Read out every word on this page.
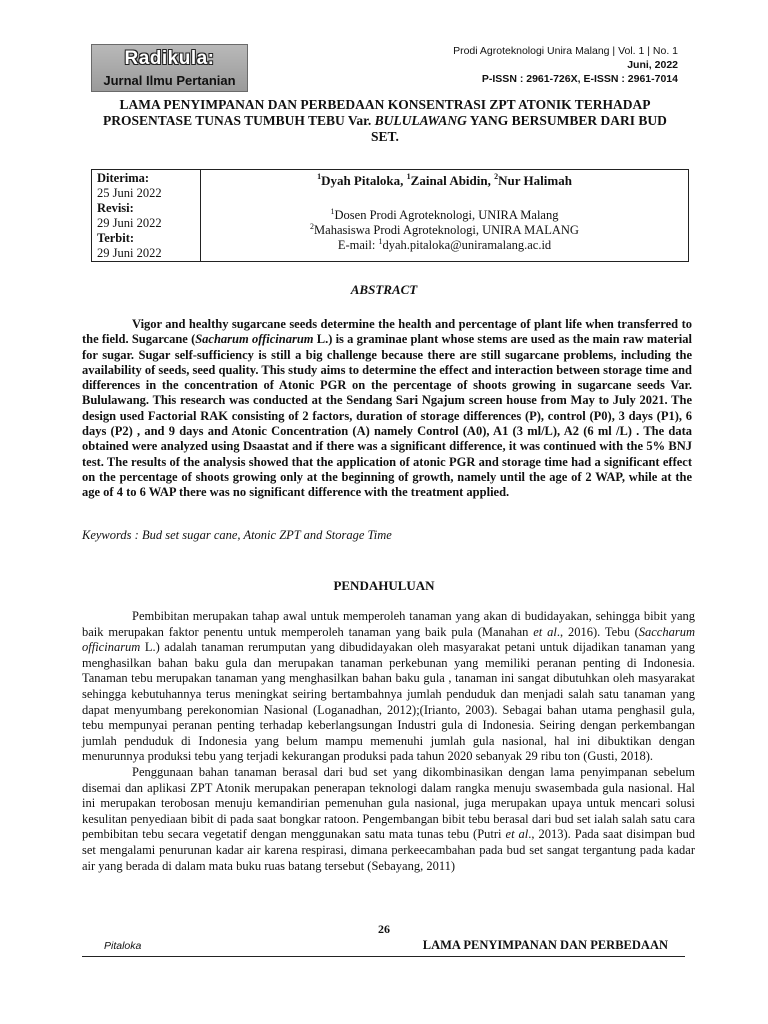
Radikula:
Jurnal Ilmu Pertanian
Prodi Agroteknologi Unira Malang | Vol. 1 | No. 1
Juni, 2022
P-ISSN : 2961-726X, E-ISSN : 2961-7014
LAMA PENYIMPANAN DAN PERBEDAAN KONSENTRASI ZPT ATONIK TERHADAP PROSENTASE TUNAS TUMBUH TEBU Var. BULULAWANG YANG BERSUMBER DARI BUD SET.
Diterima:
25 Juni 2022
Revisi:
29 Juni 2022
Terbit:
29 Juni 2022
$^1$Dyah Pitaloka, $^1$Zainal Abidin, $^2$Nur Halimah
$^1$Dosen Prodi Agroteknologi, UNIRA Malang
$^2$Mahasiswa Prodi Agroteknologi, UNIRA MALANG
E-mail: $^1$dyah.pitaloka@uniramalang.ac.id
ABSTRACT
Vigor and healthy sugarcane seeds determine the health and percentage of plant life when transferred to the field. Sugarcane (Sacharum officinarum L.) is a graminae plant whose stems are used as the main raw material for sugar. Sugar self-sufficiency is still a big challenge because there are still sugarcane problems, including the availability of seeds, seed quality. This study aims to determine the effect and interaction between storage time and differences in the concentration of Atonic PGR on the percentage of shoots growing in sugarcane seeds Var. Bululawang. This research was conducted at the Sendang Sari Ngajum screen house from May to July 2021. The design used Factorial RAK consisting of 2 factors, duration of storage differences (P), control (P0), 3 days (P1), 6 days (P2) , and 9 days and Atonic Concentration (A) namely Control (A0), A1 (3 ml/L), A2 (6 ml /L) . The data obtained were analyzed using Dsaastat and if there was a significant difference, it was continued with the 5% BNJ test. The results of the analysis showed that the application of atonic PGR and storage time had a significant effect on the percentage of shoots growing only at the beginning of growth, namely until the age of 2 WAP, while at the age of 4 to 6 WAP there was no significant difference with the treatment applied.
Keywords : Bud set sugar cane, Atonic ZPT and Storage Time
PENDAHULUAN

Pembibitan merupakan tahap awal untuk memperoleh tanaman yang akan di budidayakan, sehingga bibit yang baik merupakan faktor penentu untuk memperoleh tanaman yang baik pula (Manahan et al., 2016). Tebu (Saccharum officinarum L.) adalah tanaman rerumputan yang dibudidayakan oleh masyarakat petani untuk dijadikan tanaman yang menghasilkan bahan baku gula dan merupakan tanaman perkebunan yang memiliki peranan penting di Indonesia. Tanaman tebu merupakan tanaman yang menghasilkan bahan baku gula , tanaman ini sangat dibutuhkan oleh masyarakat sehingga kebutuhannya terus meningkat seiring bertambahnya jumlah penduduk dan menjadi salah satu tanaman yang dapat menyumbang perekonomian Nasional (Loganadhan, 2012);(Irianto, 2003). Sebagai bahan utama penghasil gula, tebu mempunyai peranan penting terhadap keberlangsungan Industri gula di Indonesia. Seiring dengan perkembangan jumlah penduduk di Indonesia yang belum mampu memenuhi jumlah gula nasional, hal ini dibuktikan dengan menurunnya produksi tebu yang terjadi kekurangan produksi pada tahun 2020 sebanyak 29 ribu ton (Gusti, 2018).

Penggunaan bahan tanaman berasal dari bud set yang dikombinasikan dengan lama penyimpanan sebelum disemai dan aplikasi ZPT Atonik merupakan penerapan teknologi dalam rangka menuju swasembada gula nasional. Hal ini merupakan terobosan menuju kemandirian pemenuhan gula nasional, juga merupakan upaya untuk mencari solusi kesulitan penyediaan bibit di pada saat bongkar ratoon. Pengembangan bibit tebu berasal dari bud set ialah salah satu cara pembibitan tebu secara vegetatif dengan menggunakan satu mata tunas tebu (Putri et al., 2013). Pada saat disimpan bud set mengalami penurunan kadar air karena respirasi, dimana perkeecambahan pada bud set sangat tergantung pada kadar air yang berada di dalam mata buku ruas batang tersebut (Sebayang, 2011)

26
Pitaloka	LAMA PENYIMPANAN DAN PERBEDAAN
